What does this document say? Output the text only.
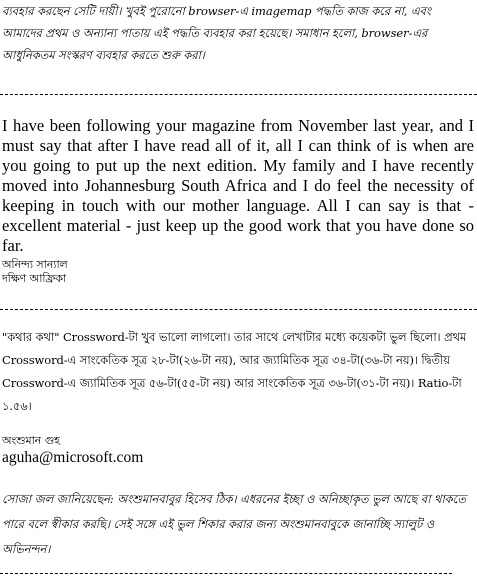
ব্যবহার করছেন সেটি দায়ী। খুবই পুরোনো browser-এ imagemap পদ্ধতি কাজ করে না, এবং আমাদের প্রথম ও অন্যান্য পাতায় এই পদ্ধতি ব্যবহার করা হয়েছে। সমাধান হলো, browser-এর আধুনিকতম সংস্করণ ব্যবহার করতে শুরু করা।

I have been following your magazine from November last year, and I must say that after I have read all of it, all I can think of is when are you going to put up the next edition. My family and I have recently moved into Johannesburg South Africa and I do feel the necessity of keeping in touch with our mother language. All I can say is that - excellent material - just keep up the good work that you have done so far.

অনিন্দ্য সান্যাল

দক্ষিণ আফ্রিকা

"কথার কথা" Crossword-টা খুব ভালো লাগলো। তার সাথে লেখাটার মধ্যে কয়েকটা ভুল ছিলো। প্রথম Crossword-এ সাংকেতিক সূত্র ২৮-টা(২৬-টা নয়), আর জ্যামিতিক সূত্র ৩৪-টা(৩৬-টা নয়)। দ্বিতীয় Crossword-এ জ্যামিতিক সূত্র ৫৬-টা(৫৫-টা নয়) আর সাংকেতিক সূত্র ৩৬-টা(৩১-টা নয়)। Ratio-টা ১.৫৬।

অংশুমান গুহ

aguha@microsoft.com

সোজা জল জানিয়েছেন: অংশুমানবাবুর হিসেব ঠিক। এধরনের ইচ্ছা ও অনিচ্ছাকৃত ভুল আছে বা থাকতে পারে বলে স্বীকার করছি। সেই সঙ্গে এই ভুল শিকার করার জন্য অংশুমানবাবুকে জানাচ্ছি স্যালুট ও অভিনন্দন।
